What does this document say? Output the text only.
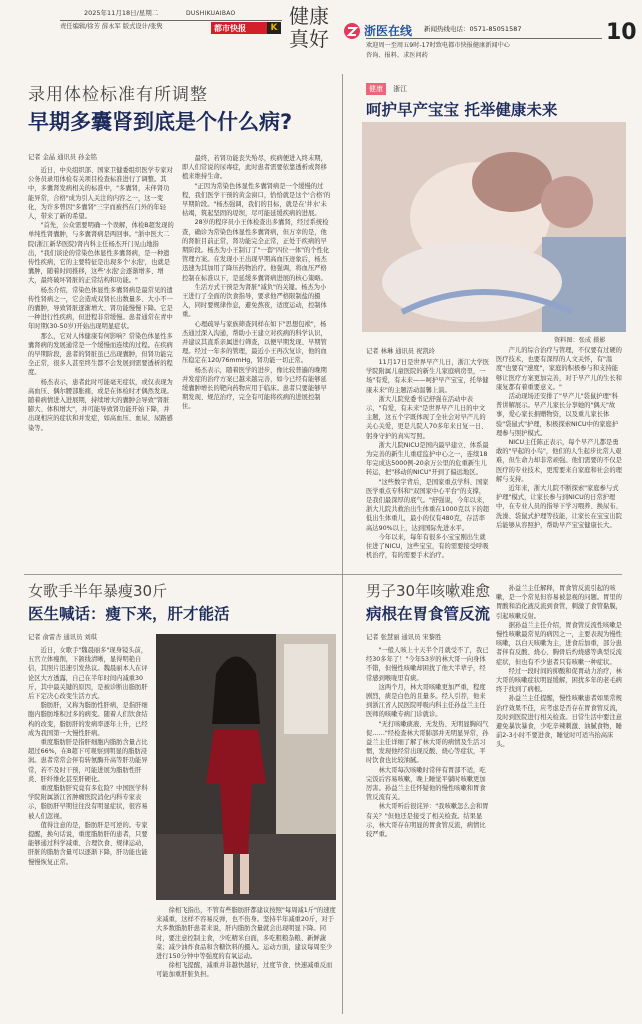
2025年11月18日/星期二	DUSHIKUAIBAO
责任编辑/徐芳 薛永军 版式设计/张隽	都市快报	K 健康
真好	浙医在线 新闻热线电话：0571-85051587
欢迎周一至周五9时-17时致电都市快报健康新闻中心
咨询、报料、求医问药
10
录用体检标准有所调整
早期多囊肾到底是个什么病?
记者 金晶 通讯员 孙金铭

近日，中央组织部、国家卫健委组织医学专家对公务员录用体检有关项目检查标准进行了调整。其中，多囊肾发病相关的标准中，"多囊肾，未伴肾功能异常，合格"成为引人关注的内容之一，这一变化，为许多曾因"多囊肾"三字而被挡在门外的年轻人，带来了新的希望。

"首先，公众需要明确一个误解，体检B超发现的单纯性肾囊肿，与多囊肾病是两回事。"浙中医大二院(浙江新华医院)肾内科主任杨杰开门见山地指出，"我们谈论的常染色体显性多囊肾病，是一种遗传性疾病，它的主要特征是出现多个'水泡'，也就是囊肿，随着时间推移，这些'水泡'会逐渐增多、增大，最终破坏肾脏的正常结构和功能。"

杨杰介绍，常染色体显性多囊肾病是最常见的遗传性肾病之一，它会造成双肾长出数量多、大小不一的囊肿，导致肾脏逐渐增大、肾功能慢慢下降。它是一种进行性疾病，但进程非常缓慢。患者通常在青中年时期(30-50岁)开始出现明显症状。

那么，它对人体健康有何影响？常染色体显性多囊肾病的发展通常是一个缓慢而连续的过程。在疾病的早期阶段，患者的肾脏虽已出现囊肿，但肾功能完全正常，很多人甚至终生都不会发展到需要透析的程度。

杨杰表示，患者此时可能毫无症状，或仅表现为高血压、偶尔腰部胀痛，或是在体检时才偶然发现。随着病情进入进展期，持续增大的囊肿会导致"肾脏膨大、体积增大"，并可能导致肾功能开始下降，并出现相应的症状和并发症，如高血压、血尿、尿路感染等。

最终，若肾功能丧失殆尽，疾病便进入终末期，即人们常说的尿毒症，此时患者需要依靠透析或肾移植来维持生命。

"正因为常染色体显性多囊肾病是一个缓慢的过程，我们医学干预的黄金窗口，恰恰就是这个'合格'的早期阶段。"杨杰强调，我们的目标，就是在'井水'未枯竭，筑起坚固的堤坝，尽可能延缓疾病的进展。

28岁的程序员小王体检查出多囊肾，经过系统检查，确诊为常染色体显性多囊肾病，但万幸的是，他的肾脏目前正常，肾功能完全正常，正处于疾病的早期阶段。杨杰为小王制订了"一套"四位一体"的个性化管理方案。在发现小王出现早期高血压迹象后，杨杰迅速为其加用了降压药物治疗。他强调，将血压严格控制在标准以下，是延缓多囊肾病进展的核心策略。

生活方式干预是为肾脏"减负"的关键。杨杰为小王进行了全面的饮食指导，要求他严格限制盐的摄入，同时要规律作息，避免熬夜，适度运动，控制体重。

心理疏导与家族筛查同样在如下"思想包袱"，杨杰通过深入沟通，帮助小王建立对疾病的科学认识，并建议其直系亲属进行筛查，以便早期发现、早期管理。经过一年多的管理，最近小王再次复诊，他的血压稳定在120/76mmHg，肾功能一切正常。

杨杰表示，随着医学的进步，像比较普遍的晚期并发症的治疗方案已越来越完善，如今已经有能够延缓囊肿增长的靶向药物应用于临床。患者只要能够早期发现、规范治疗，完全有可能将疾病的进展控制住。

健康 浙江
呵护早产宝宝 托举健康未来
资料图：张成 摄影
记者 林琳 通讯员 祝凯玲

11月17日是世界早产儿日，浙江大学医学院附属儿童医院的新生儿家庭病房里，一场"有爱，有未来——呵护早产宝宝，托举健康未来"的主题活动温馨上演。

浙大儿院党委书记舒强在活动中表示，"有爱，有未来"是世界早产儿日的中文主题，这五个字既体现了全社会对早产儿的关心关爱，更是儿院人70多年来日复一日、躬身守护的真实写照。

浙大儿院NICU是国内最早建立、体系最为完善的新生儿重症监护中心之一，连续18年完成达5000例-20余万公里的危重新生儿转运，把"移动的NICU"开到了偏远地区。

"这些数字背后，是国家重点学科、国家医学重点专科和"双国家中心平台"的支撑，是我们最深厚的底气。"舒强说，今年以来，浙大儿院共救治出生体重在1000克以下的超低出生体重儿，最小的仅有480克，存活率高达90%以上，达到国际先进水平。

今年以来，每年有很多小宝宝刚出生就住进了NICU，这些宝宝，有的需要接受呼吸机治疗，有的需要手术治疗。

产儿的综合治疗与管理，不仅要有过硬的医疗技术，也要有深厚的人文关怀，有"温度"也要有"速度"，家庭的积极参与和支持能够让医疗方案更加完善，对于早产儿的生长和康复都有着重要意义。"

活动现场还安排了"早产儿"袋鼠护理"科普讲解展示。早产儿家长分享她的"偶天"故事，爱心家长捐赠物资，以及重儿家长体验"袋鼠式"护理，积极探索NICU中的家庭护理参与照护模式。

NICU主任陈正表示，每个早产儿都是勇敢的"早起的小鸟"，他们的人生起步比常人艰难，但生命力却非常顽强。他们需要的不仅是医疗的专业技术，更需要来自家庭和社会的理解与支持。

近年来，浙大儿院不断探索"家庭参与式护理"模式，让家长参与到NICU的日常护理中，在专业人员的指导下学习喂养、换尿布、洗澡、袋鼠式护理等技能，让家长在宝宝出院后能够从容照护，帮助早产宝宝健康长大。

女歌手半年暴瘦30斤
医生喊话：瘦下来，肝才能活
记者 俞雷杏 通讯员 刘琪

近日，女歌手"魏晨丽多"现身镜头前，五官立体瘦削，下颌线清晰，显得明艳自信，其照片迅速引发热议。魏晨丽本人在评论区大方透露，自己在半年时间内减重30斤，其中最关键的原因，是被诊断出脂肪肝后下定决心改变生活方式。

脂肪肝，又称为脂肪性肝病，是指肝细胞内脂肪堆积过多的病变。随着人们饮食结构的改变，脂肪肝的发病率逐年上升，已经成为我国第一大慢性肝病。

重度脂肪肝是指肝细胞内脂肪含量占比超过66%，在B超下可观察到明显的脂肪浸润。患者常常会伴有转氨酶升高等肝功能异常，若不及时干预，可能进展为脂肪性肝炎、肝纤维化甚至肝硬化。

重度脂肪肝究竟有多危险？中国医学科学院附属浙江省肿瘤医院消化内科专家表示，脂肪肝早期往往没有明显症状，很容易被人们忽视。

值得注意的是，脂肪肝是可逆的。专家提醒，换句话说，重度脂肪肝的患者，只要能够通过科学减重、合理饮食、规律运动，肝脏的脂肪含量可以逐渐下降，肝功能也能慢慢恢复正常。

徐相飞指出，不管有些脂肪肝都建议按照"每周减1斤"的速度来减重，这样不容易反弹，也不伤身。坚持半年减重20斤，对于大多数脂肪肝患者来说，肝内脂肪含量就会出现明显下降。同时，要注意控制主食，少吃精米白面，多吃粗粮杂粮、新鲜蔬菜；减少油炸食品和含糖饮料的摄入。运动方面，建议每周至少进行150分钟中等强度的有氧运动。

徐相飞提醒，减重并非越快越好，过度节食、快速减重反而可能加重肝脏负担。

男子30年咳嗽难愈
病根在胃食管反流
记者 张慧丽 通讯员 宋黎胜

"一般人咳上十天半个月就受不了，我已经30多年了！"今年53岁的林大哥一向身体不错，但慢性咳嗽却困扰了他大半辈子，经常感到喉咙里有痰。

这两个月，林大哥咳嗽更加严重，程度剧烈，痰是白色的且量多。经人引荐，他来到浙江省人民医院呼吸内科主任孙益兰主任医师的咳嗽专病门诊就诊。

"无打咳嗽痰液、无发热、无明显胸闷气促……"经检查林大哥肺部并无明显异常，孙益兰主任详细了解了林大哥的病情及生活习惯，发现他经常出现反酸、烧心等症状，平时饮食也比较油腻。

林大哥每次咳嗽时常伴有胃部不适，吃完饭后容易咳嗽，晚上睡觉平躺时咳嗽更加厉害。孙益兰主任怀疑他的慢性咳嗽和胃食管反流有关。

林大哥听后很诧异："我咳嗽怎么会和胃有关？"但他还是接受了相关检查。结果显示，林大哥存在明显的胃食管反流，病情比较严重。

孙益兰主任解释，胃食管反流引起的咳嗽，是一个常见但容易被忽视的问题。胃里的胃酸和消化液反流到食管，刺激了食管黏膜，引起咳嗽反射。

据孙益兰主任介绍，胃食管反流性咳嗽是慢性咳嗽最常见的病因之一，主要表现为慢性咳嗽，以白天咳嗽为主，进食后加重，部分患者伴有反酸、烧心、胸骨后灼烧感等典型反流症状，但也有不少患者只有咳嗽一种症状。

经过一段时间的抑酸和促胃动力治疗，林大哥的咳嗽症状明显缓解，困扰多年的老毛病终于找到了病根。

孙益兰主任提醒，慢性咳嗽患者如果常规治疗效果不佳，应考虑是否存在胃食管反流，及时到医院进行相关检查。日常生活中要注意避免暴饮暴食，少吃辛辣刺激、油腻食物，睡前2-3小时不要进食，睡觉时可适当抬高床头。
